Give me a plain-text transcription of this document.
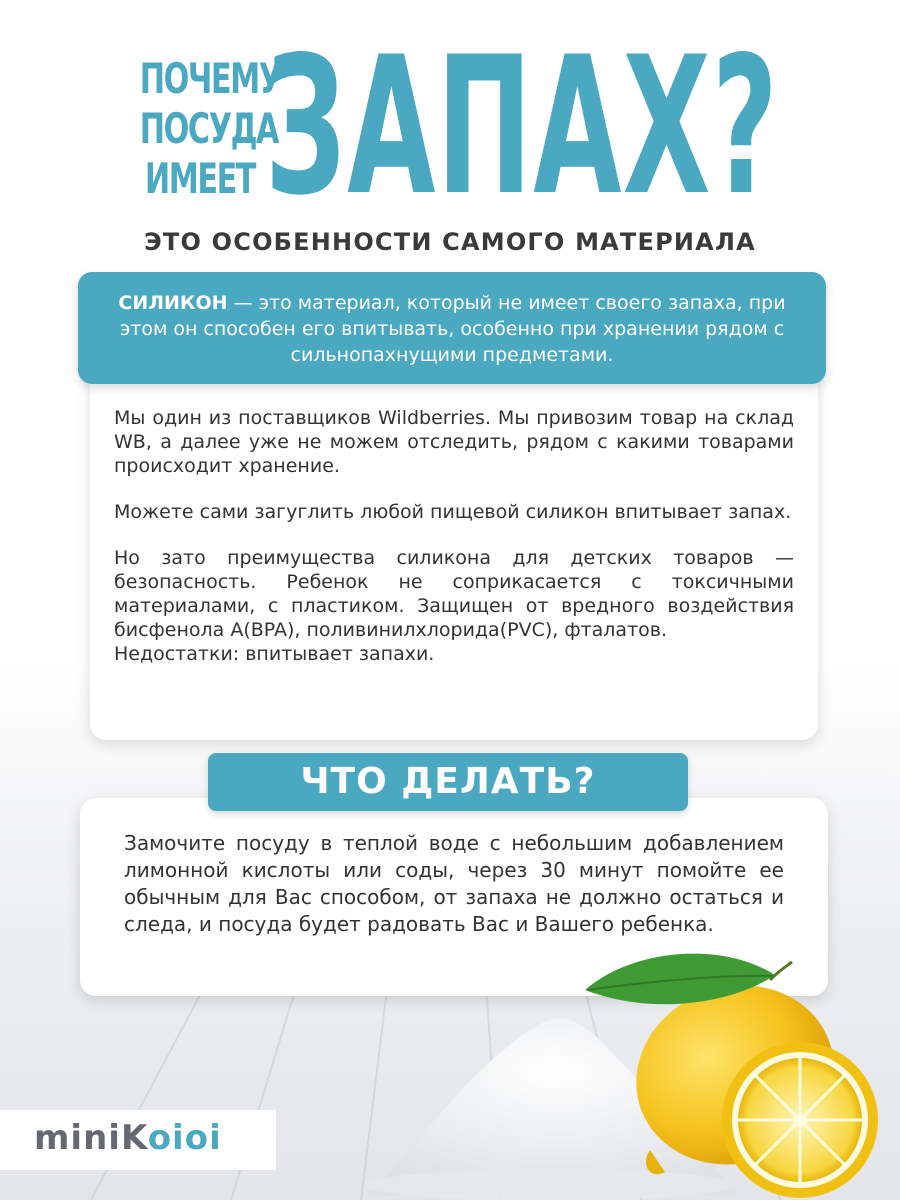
ПОЧЕМУ
ПОСУДА
ИМЕЕТ ЗАПАХ?
ЭТО ОСОБЕННОСТИ САМОГО МАТЕРИАЛА
СИЛИКОН — это материал, который не имеет своего запаха, при этом он способен его впитывать, особенно при хранении рядом с сильнопахнущими предметами.

Мы один из поставщиков Wildberries. Мы привозим товар на склад WB, а далее уже не можем отследить, рядом с какими товарами происходит хранение.

Можете сами загуглить любой пищевой силикон впитывает запах.

Но зато преимущества силикона для детских товаров — безопасность. Ребенок не соприкасается с токсичными материалами, с пластиком. Защищен от вредного воздействия бисфенола А(BPA), поливинилхлорида(PVC), фталатов.

Недостатки: впитывает запахи.

ЧТО ДЕЛАТЬ?

Замочите посуду в теплой воде с небольшим добавлением лимонной кислоты или соды, через 30 минут помойте ее обычным для Вас способом, от запаха не должно остаться и следа, и посуда будет радовать Вас и Вашего ребенка.

miniKoioi
